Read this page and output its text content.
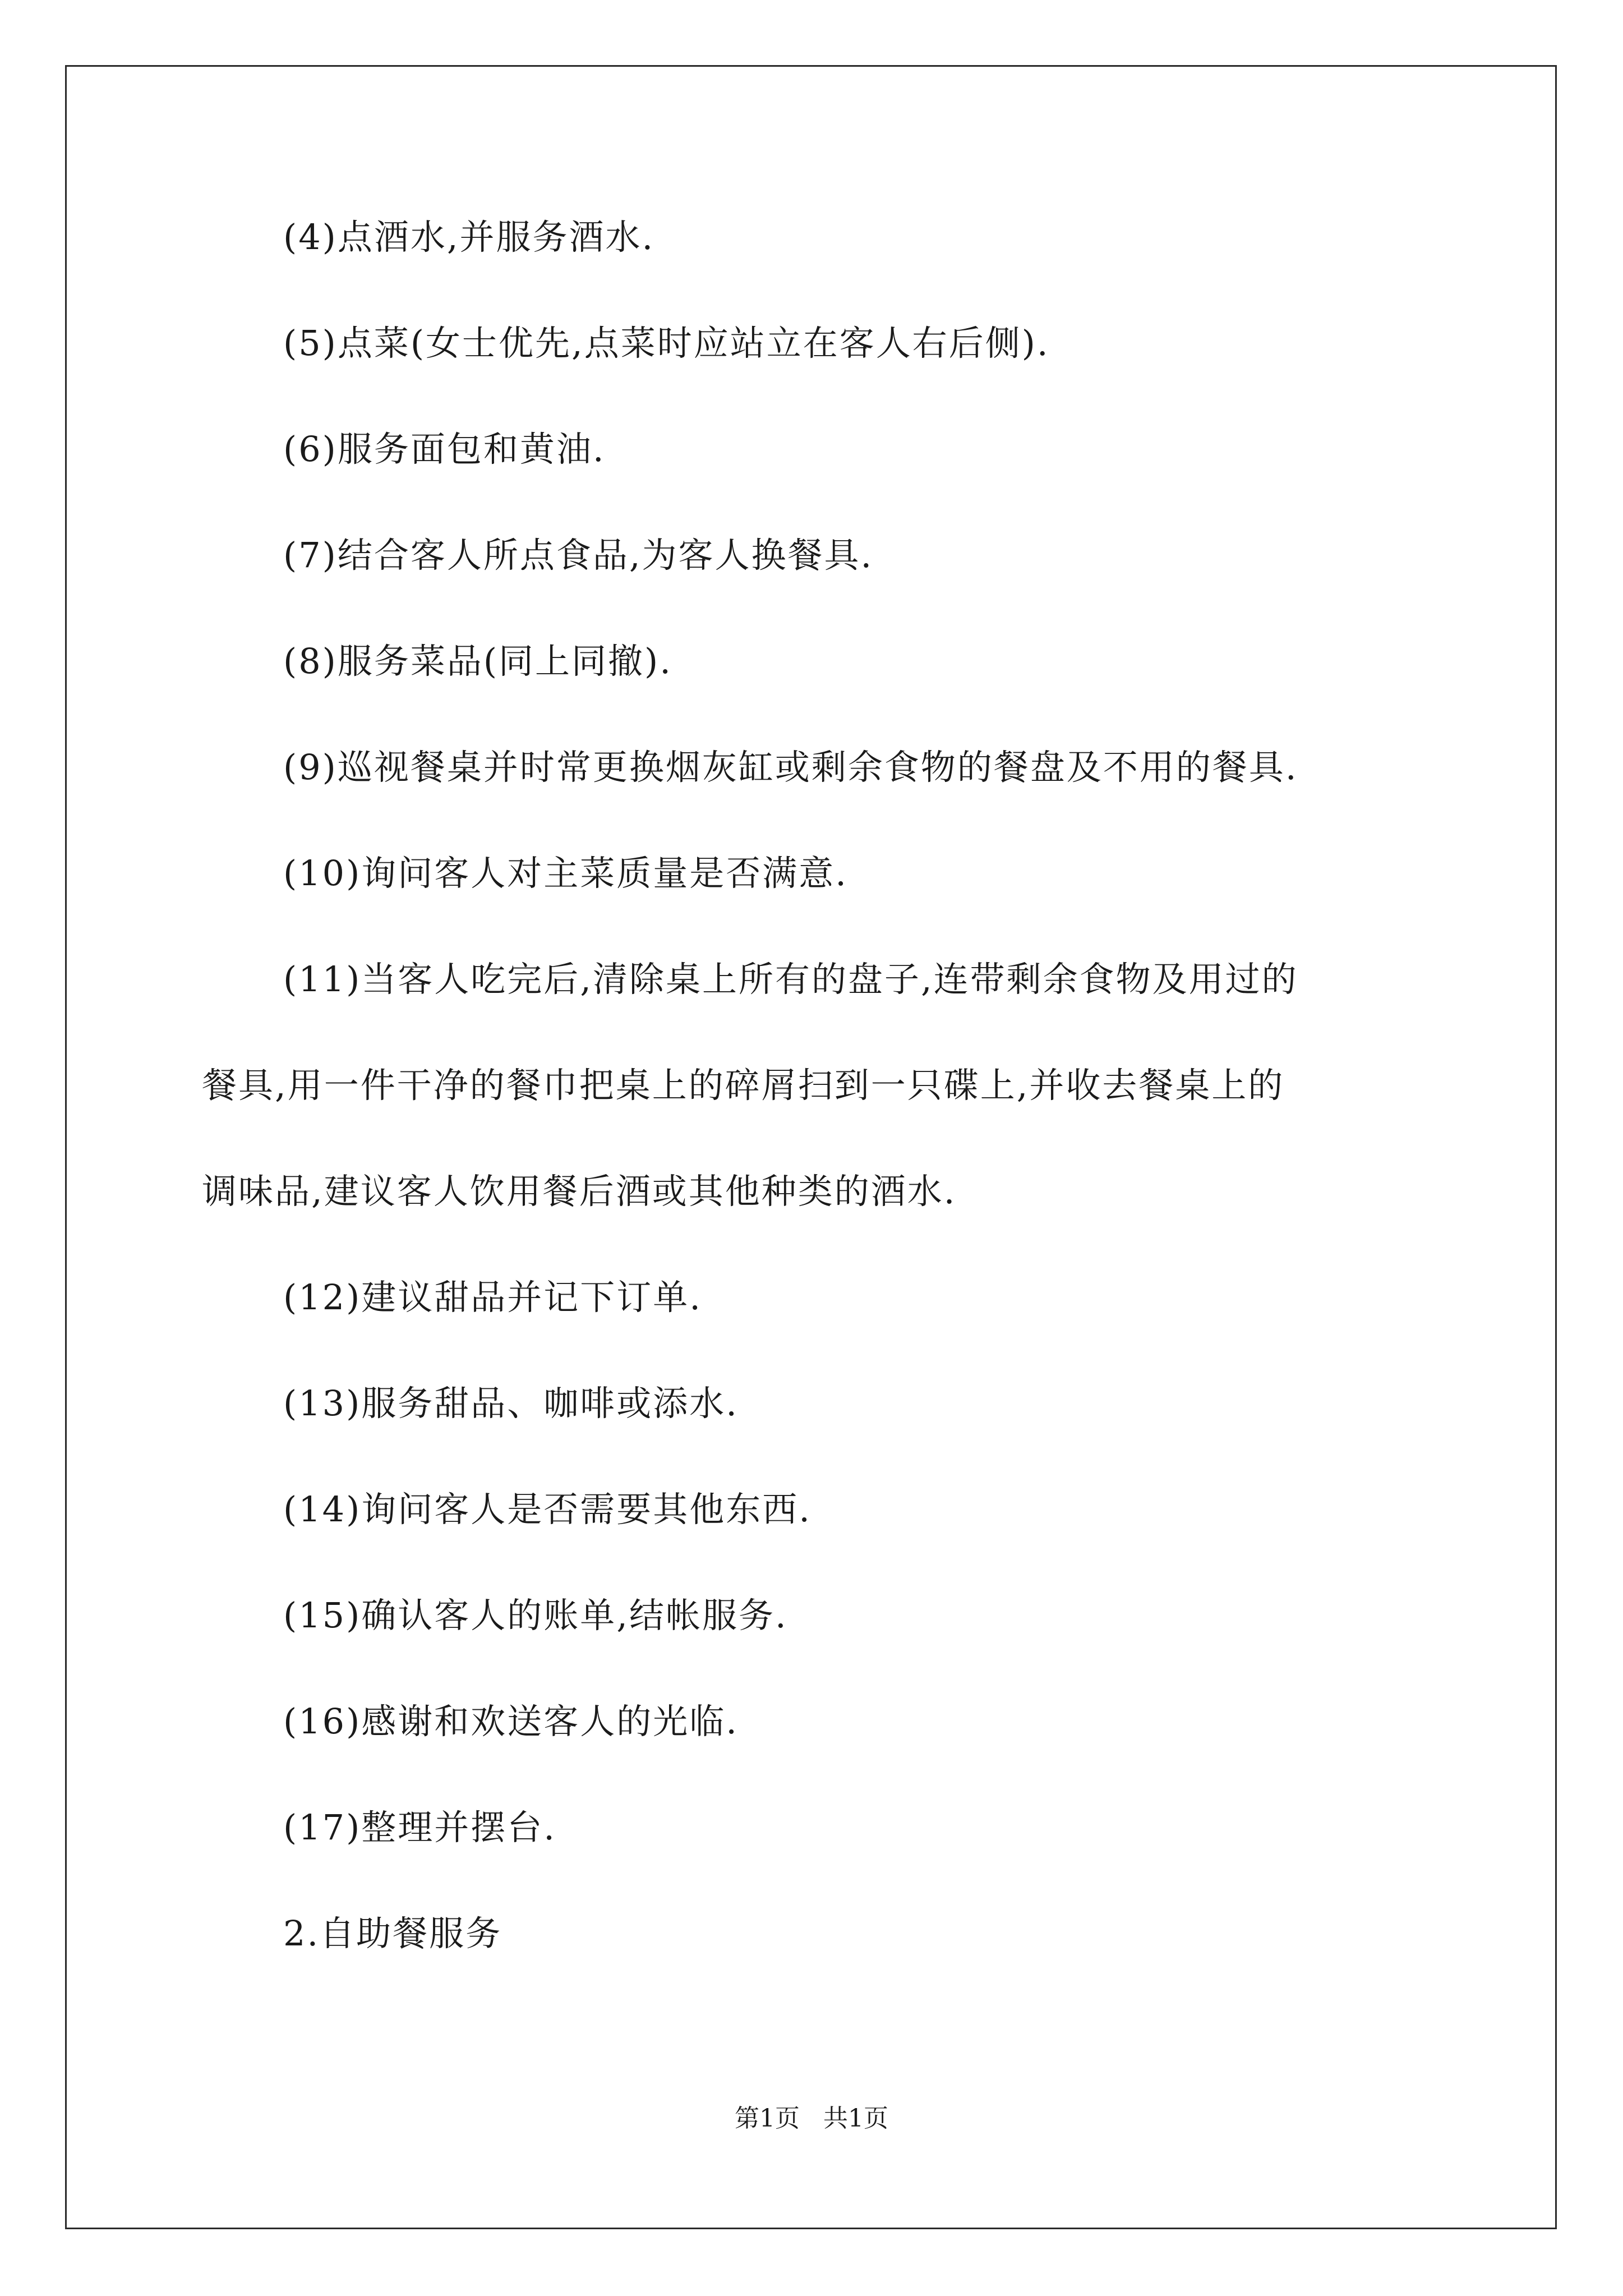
(4)点酒水,并服务酒水.

(5)点菜(女士优先,点菜时应站立在客人右后侧).

(6)服务面包和黄油.

(7)结合客人所点食品,为客人换餐具.

(8)服务菜品(同上同撤).

(9)巡视餐桌并时常更换烟灰缸或剩余食物的餐盘及不用的餐具.

(10)询问客人对主菜质量是否满意.

(11)当客人吃完后,清除桌上所有的盘子,连带剩余食物及用过的
餐具,用一件干净的餐巾把桌上的碎屑扫到一只碟上,并收去餐桌上的
调味品,建议客人饮用餐后酒或其他种类的酒水.

(12)建议甜品并记下订单.

(13)服务甜品、咖啡或添水.

(14)询问客人是否需要其他东西.

(15)确认客人的账单,结帐服务.

(16)感谢和欢送客人的光临.

(17)整理并摆台.

2.自助餐服务

第1页   共1页
